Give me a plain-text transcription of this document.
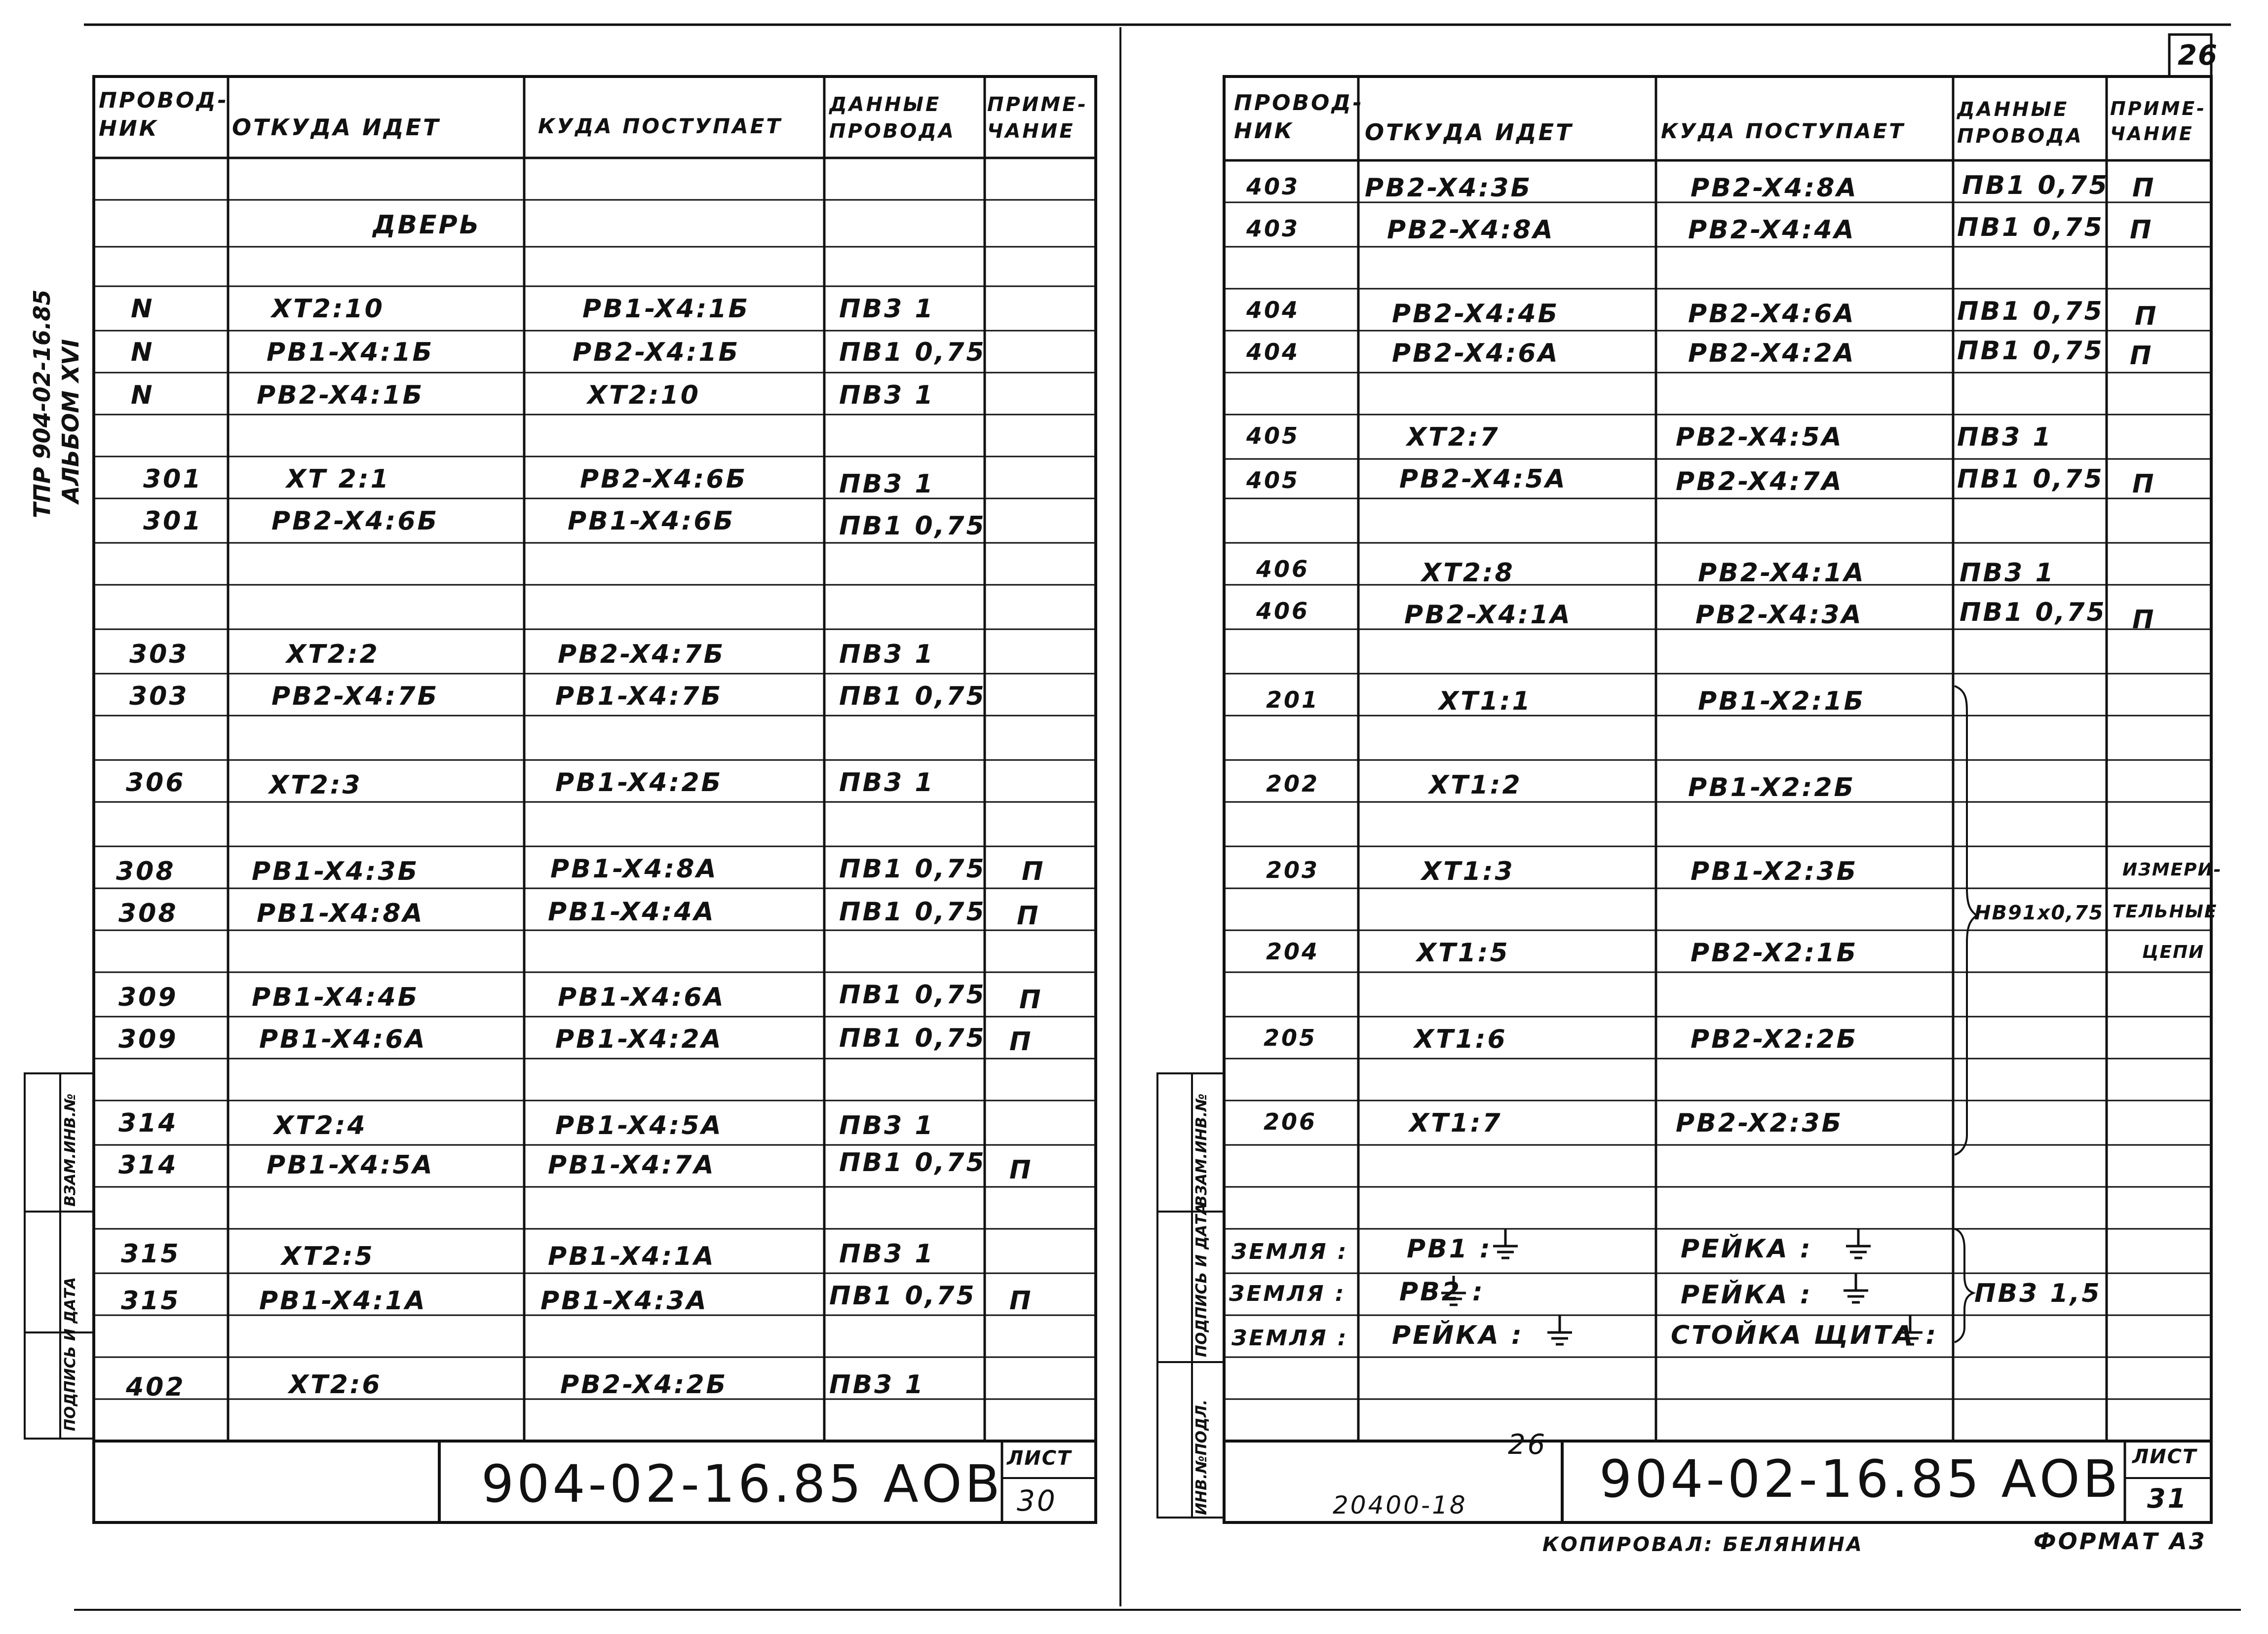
ТПР 904-02-16.85 АЛЬБОМ XVI
ВЗАМ.ИНВ.№
ПОДПИСЬ И ДАТА
ПРОВОД-НИК	ОТКУДА ИДЕТ	КУДА ПОСТУПАЕТ
ДАННЫЕ ПРОВОДА
ПРИМЕ-ЧАНИЕ
ДВЕРЬ
N	XT2:10	PB1-X4:1Б	ПВ3 1
N	PB1-X4:1Б	PB2-X4:1Б	ПВ1 0,75
N	PB2-X4:1Б	XT2:10	ПВ3 1
301	XT 2:1	PB2-X4:6Б	ПВ3 1
301	PB2-X4:6Б	PB1-X4:6Б	ПВ1 0,75
303	XT2:2	PB2-X4:7Б	ПВ3 1
303	PB2-X4:7Б	PB1-X4:7Б	ПВ1 0,75
306	XT2:3	PB1-X4:2Б	ПВ3 1
308	PB1-X4:3Б	PB1-X4:8A	ПВ1 0,75 П
308	PB1-X4:8A	PB1-X4:4A	ПВ1 0,75 П
309	PB1-X4:4Б	PB1-X4:6A	ПВ1 0,75 П
309	PB1-X4:6A	PB1-X4:2A	ПВ1 0,75 П
314	XT2:4	PB1-X4:5A	ПВ3 1
314	PB1-X4:5A	PB1-X4:7A	ПВ1 0,75 П
315	XT2:5	PB1-X4:1A	ПВ3 1
315	PB1-X4:1A	PB1-X4:3A	ПВ1 0,75 П
402	XT2:6	PB2-X4:2Б	ПВ3 1
904-02-16.85 АОВ ЛИСТ
30
26
ВЗАМ.ИНВ.№
ПОДПИСЬ И ДАТА
ИНВ.№ПОДЛ.
ПРОВОД-НИК	ОТКУДА ИДЕТ	КУДА ПОСТУПАЕТ
ДАННЫЕ ПРОВОДА
ПРИМЕ-ЧАНИЕ
403	PB2-X4:3Б	PB2-X4:8A	ПВ1 0,75 П
403	PB2-X4:8A	PB2-X4:4A	ПВ1 0,75 П
404	PB2-X4:4Б	PB2-X4:6A	ПВ1 0,75 П
404	PB2-X4:6A	PB2-X4:2A	ПВ1 0,75 П
405	XT2:7	PB2-X4:5A	ПВ3 1
405	PB2-X4:5A	PB2-X4:7A	ПВ1 0,75 П
406	XT2:8	PB2-X4:1A	ПВ3 1
406	PB2-X4:1A	PB2-X4:3A	ПВ1 0,75 П
201	XT1:1	PB1-X2:1Б
202	XT1:2	PB1-X2:2Б
203	XT1:3	PB1-X2:3Б
204	XT1:5	PB2-X2:1Б
205	XT1:6	PB2-X2:2Б
206	XT1:7	PB2-X2:3Б
НВ91х0,75
ИЗМЕРИ-
ТЕЛЬНЫЕ
ЦЕПИ
ЗЕМЛЯ : PB1 :	РЕЙКА :
ЗЕМЛЯ : PB2 :	РЕЙКА :
ЗЕМЛЯ : РЕЙКА :	СТОЙКА ЩИТА :
ПВ3 1,5
904-02-16.85 АОВ ЛИСТ
31
26
20400-18
КОПИРОВАЛ: БЕЛЯНИНА	ФОРМАТ А3
